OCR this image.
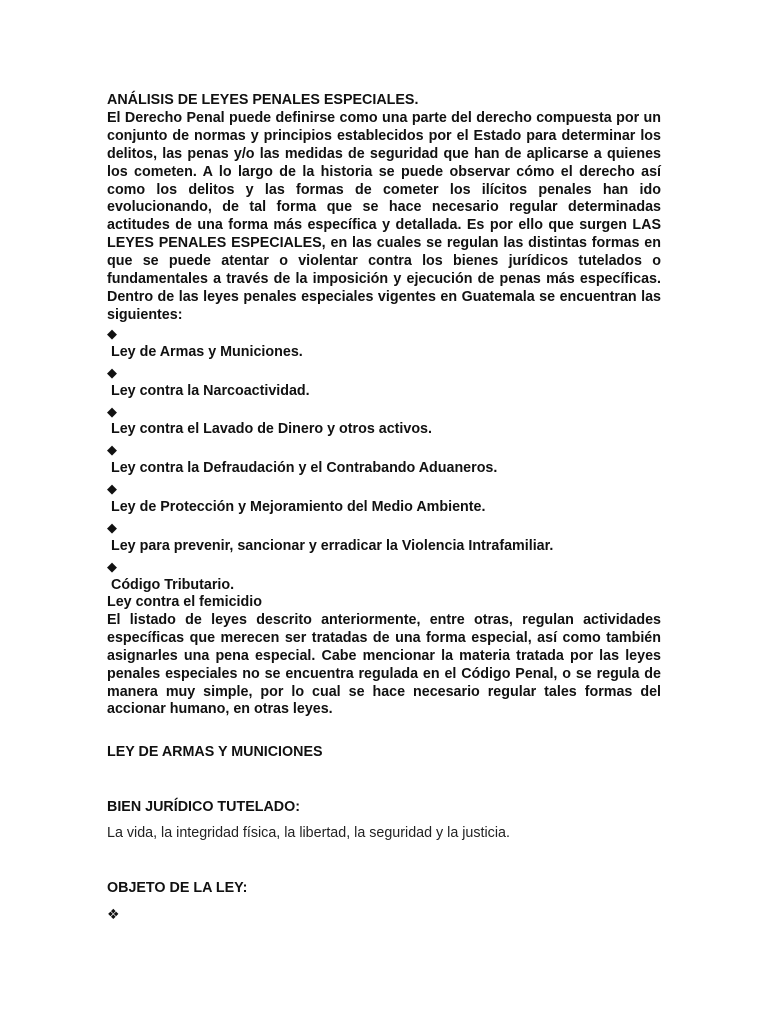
ANÁLISIS DE LEYES PENALES ESPECIALES.

El Derecho Penal puede definirse como una parte del derecho compuesta por un conjunto de normas y principios establecidos por el Estado para determinar los delitos, las penas y/o las medidas de seguridad que han de aplicarse a quienes los cometen. A lo largo de la historia se puede observar cómo el derecho así como los delitos y las formas de cometer los ilícitos penales han ido evolucionando, de tal forma que se hace necesario regular determinadas actitudes de una forma más específica y detallada. Es por ello que surgen LAS LEYES PENALES ESPECIALES, en las cuales se regulan las distintas formas en que se puede atentar o violentar contra los bienes jurídicos tutelados o fundamentales a través de la imposición y ejecución de penas más específicas. Dentro de las leyes penales especiales vigentes en Guatemala se encuentran las siguientes:

◆
Ley de Armas y Municiones.
◆
Ley contra la Narcoactividad.
◆
Ley contra el Lavado de Dinero y otros activos.
◆
Ley contra la Defraudación y el Contrabando Aduaneros.
◆
Ley de Protección y Mejoramiento del Medio Ambiente.
◆
Ley para prevenir, sancionar y erradicar la Violencia Intrafamiliar.
◆
Código Tributario.

Ley contra el femicidio

El listado de leyes descrito anteriormente, entre otras, regulan actividades específicas que merecen ser tratadas de una forma especial, así como también asignarles una pena especial. Cabe mencionar la materia tratada por las leyes penales especiales no se encuentra regulada en el Código Penal, o se regula de manera muy simple, por lo cual se hace necesario regular tales formas del accionar humano, en otras leyes.

LEY DE ARMAS Y MUNICIONES

BIEN JURÍDICO TUTELADO:

La vida, la integridad física, la libertad, la seguridad y la justicia.

OBJETO DE LA LEY:

❖
